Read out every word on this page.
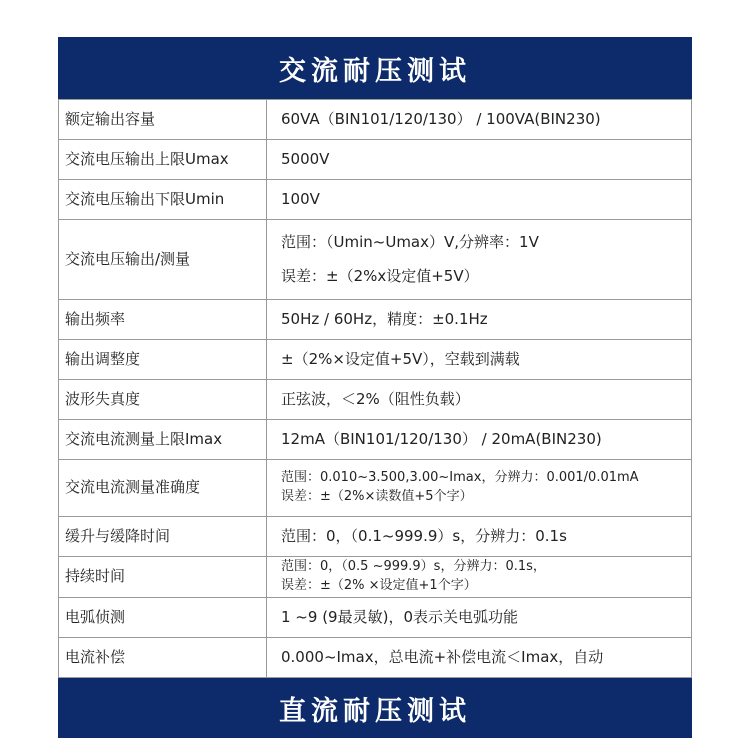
交流耐压测试
额定输出容量	60VA（BIN101/120/130） / 100VA(BIN230)
交流电压输出上限Umax	5000V
交流电压输出下限Umin	100V
交流电压输出/测量	范围：（Umin~Umax）V,分辨率：1V
误差：±（2%x设定值+5V）

输出频率	50Hz / 60Hz，精度：±0.1Hz
输出调整度	±（2%×设定值+5V），空载到满载
波形失真度	正弦波，＜2%（阻性负载）
交流电流测量上限Imax	12mA（BIN101/120/130） / 20mA(BIN230)
交流电流测量准确度	范围：0.010~3.500,3.00~Imax，分辨力：0.001/0.01mA
误差：±（2%×读数值+5个字）

缓升与缓降时间	范围：0，（0.1~999.9）s，分辨力：0.1s
持续时间	范围：0，（0.5 ~999.9）s，分辨力：0.1s，
误差：±（2% ×设定值+1个字）

电弧侦测	1 ~9 (9最灵敏)，0表示关电弧功能
电流补偿	0.000~Imax，总电流+补偿电流＜Imax，自动
直流耐压测试
